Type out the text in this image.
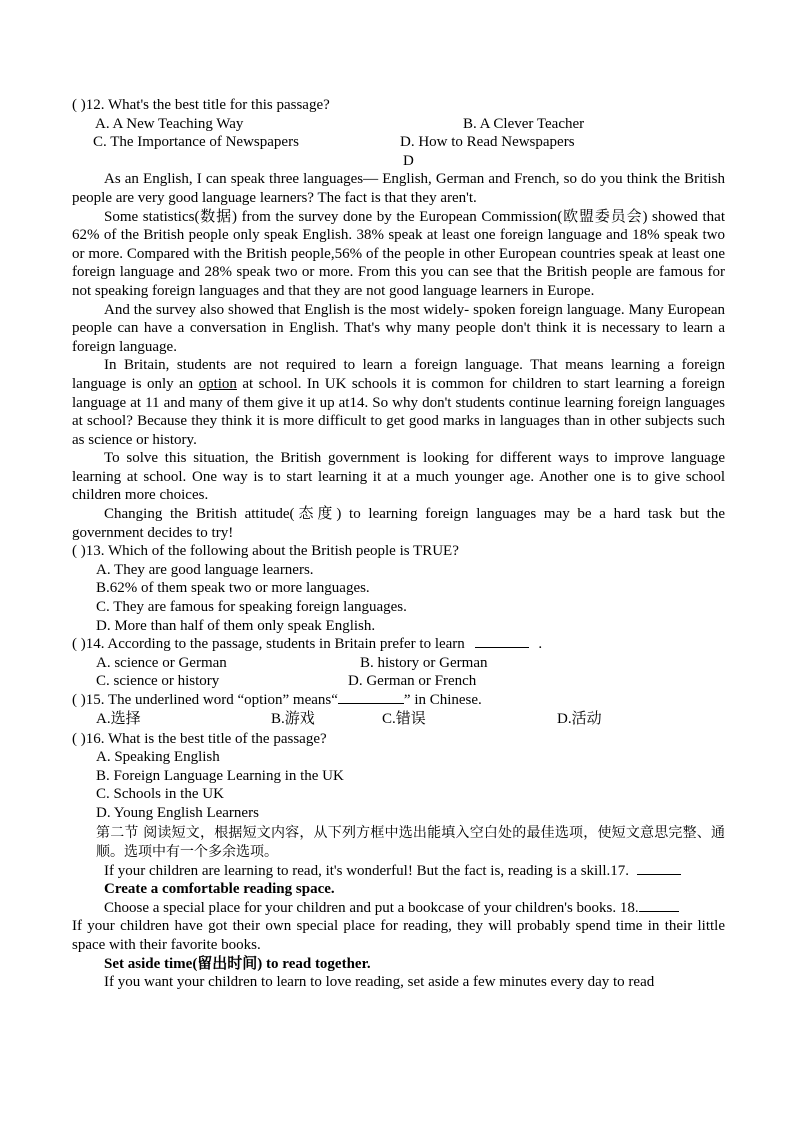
( )12. What's the best title for this passage?
A. A New Teaching Way	B. A Clever Teacher
C. The Importance of Newspapers	D. How to Read Newspapers
D
As an English, I can speak three languages— English, German and French, so do you think the British people are very good language learners? The fact is that they aren't.
Some statistics(数据) from the survey done by the European Commission(欧盟委员会) showed that 62% of the British people only speak English. 38% speak at least one foreign language and 18% speak two or more. Compared with the British people,56% of the people in other European countries speak at least one foreign language and 28% speak two or more. From this you can see that the British people are famous for not speaking foreign languages and that they are not good language learners in Europe.
And the survey also showed that English is the most widely- spoken foreign language. Many European people can have a conversation in English. That's why many people don't think it is necessary to learn a foreign language.
In Britain, students are not required to learn a foreign language. That means learning a foreign language is only an option at school. In UK schools it is common for children to start learning a foreign language at 11 and many of them give it up at14. So why don't students continue learning foreign languages at school? Because they think it is more difficult to get good marks in languages than in other subjects such as science or history.
To solve this situation, the British government is looking for different ways to improve language learning at school. One way is to start learning it at a much younger age. Another one is to give school children more choices.
Changing the British attitude(态度) to learning foreign languages may be a hard task but the government decides to try!
( )13. Which of the following about the British people is TRUE?
A. They are good language learners.
B.62% of them speak two or more languages.
C. They are famous for speaking foreign languages.
D. More than half of them only speak English.
( )14. According to the passage, students in Britain prefer to learn	.
A. science or German	B. history or German
C. science or history	D. German or French
( )15. The underlined word “option” means“	” in Chinese.
A.选择	B.游戏	C.错误	D.活动
( )16. What is the best title of the passage?
A. Speaking English
B. Foreign Language Learning in the UK
C. Schools in the UK
D. Young English Learners
第二节 阅读短文，根据短文内容，从下列方框中选出能填入空白处的最佳选项，使短文意思完整、通顺。选项中有一个多余选项。
If your children are learning to read, it's wonderful! But the fact is, reading is a skill.17.
Create a comfortable reading space.
Choose a special place for your children and put a bookcase of your children's books. 18.
If your children have got their own special place for reading, they will probably spend time in their little space with their favorite books.
Set aside time(留出时间) to read together.
If you want your children to learn to love reading, set aside a few minutes every day to read
